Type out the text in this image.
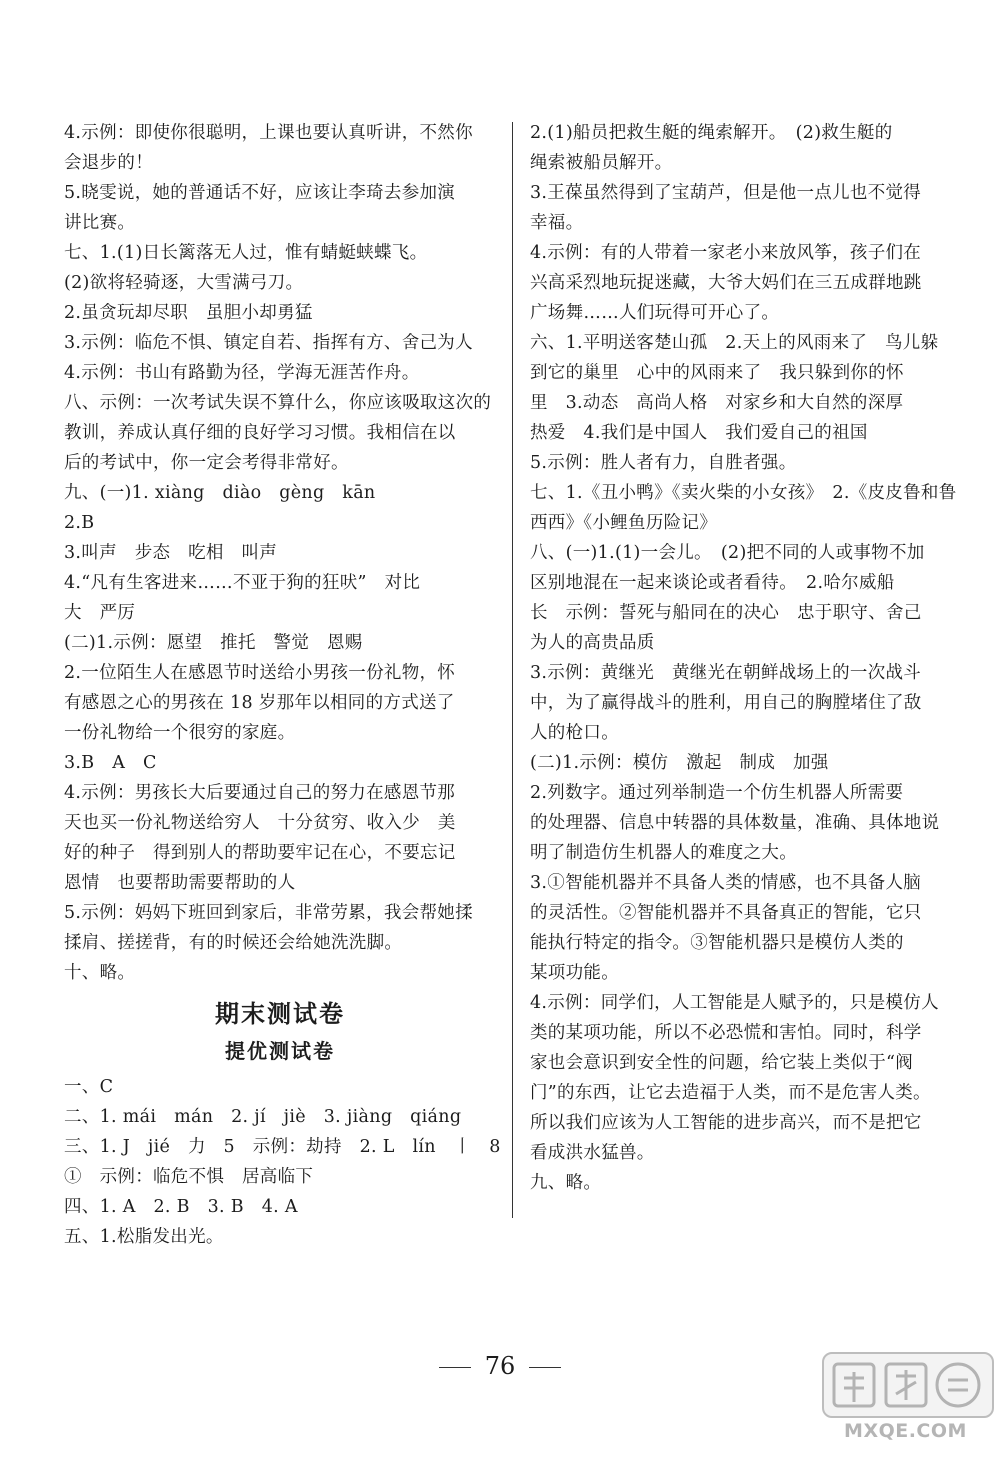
4.示例：即使你很聪明，上课也要认真听讲，不然你
会退步的！
5.晓雯说，她的普通话不好，应该让李琦去参加演
讲比赛。
七、1.(1)日长篱落无人过，惟有蜻蜓蛱蝶飞。
(2)欲将轻骑逐，大雪满弓刀。
2.虽贪玩却尽职　虽胆小却勇猛
3.示例：临危不惧、镇定自若、指挥有方、舍己为人
4.示例：书山有路勤为径，学海无涯苦作舟。
八、示例：一次考试失误不算什么，你应该吸取这次的
教训，养成认真仔细的良好学习习惯。我相信在以
后的考试中，你一定会考得非常好。
九、(一)1. xiàng　diào　gèng　kān
2.B
3.叫声　步态　吃相　叫声
4.“凡有生客进来……不亚于狗的狂吠”　对比
大　严厉
(二)1.示例：愿望　推托　警觉　恩赐
2.一位陌生人在感恩节时送给小男孩一份礼物，怀
有感恩之心的男孩在 18 岁那年以相同的方式送了
一份礼物给一个很穷的家庭。
3.B　A　C
4.示例：男孩长大后要通过自己的努力在感恩节那
天也买一份礼物送给穷人　十分贫穷、收入少　美
好的种子　得到别人的帮助要牢记在心，不要忘记
恩情　也要帮助需要帮助的人
5.示例：妈妈下班回到家后，非常劳累，我会帮她揉
揉肩、搓搓背，有的时候还会给她洗洗脚。
十、略。
期末测试卷
提优测试卷
一、C
二、1. mái　mán　2. jí　jiè　3. jiàng　qiáng
三、1. J　jié　力　5　示例：劫持　2. L　lín　丨　8
①　示例：临危不惧　居高临下
四、1. A　2. B　3. B　4. A
五、1.松脂发出光。
2.(1)船员把救生艇的绳索解开。　(2)救生艇的
绳索被船员解开。
3.王葆虽然得到了宝葫芦，但是他一点儿也不觉得
幸福。
4.示例：有的人带着一家老小来放风筝，孩子们在
兴高采烈地玩捉迷藏，大爷大妈们在三五成群地跳
广场舞……人们玩得可开心了。
六、1.平明送客楚山孤　2.天上的风雨来了　鸟儿躲
到它的巢里　心中的风雨来了　我只躲到你的怀
里　3.动态　高尚人格　对家乡和大自然的深厚
热爱　4.我们是中国人　我们爱自己的祖国
5.示例：胜人者有力，自胜者强。
七、1.《丑小鸭》《卖火柴的小女孩》　2.《皮皮鲁和鲁
西西》《小鲤鱼历险记》
八、(一)1.(1)一会儿。　(2)把不同的人或事物不加
区别地混在一起来谈论或者看待。　2.哈尔威船
长　示例：誓死与船同在的决心　忠于职守、舍己
为人的高贵品质
3.示例：黄继光　黄继光在朝鲜战场上的一次战斗
中，为了赢得战斗的胜利，用自己的胸膛堵住了敌
人的枪口。
(二)1.示例：模仿　激起　制成　加强
2.列数字。通过列举制造一个仿生机器人所需要
的处理器、信息中转器的具体数量，准确、具体地说
明了制造仿生机器人的难度之大。
3.①智能机器并不具备人类的情感，也不具备人脑
的灵活性。②智能机器并不具备真正的智能，它只
能执行特定的指令。③智能机器只是模仿人类的
某项功能。
4.示例：同学们，人工智能是人赋予的，只是模仿人
类的某项功能，所以不必恐慌和害怕。同时，科学
家也会意识到安全性的问题，给它装上类似于“阀
门”的东西，让它去造福于人类，而不是危害人类。
所以我们应该为人工智能的进步高兴，而不是把它
看成洪水猛兽。
九、略。
76
MXQE.COM
